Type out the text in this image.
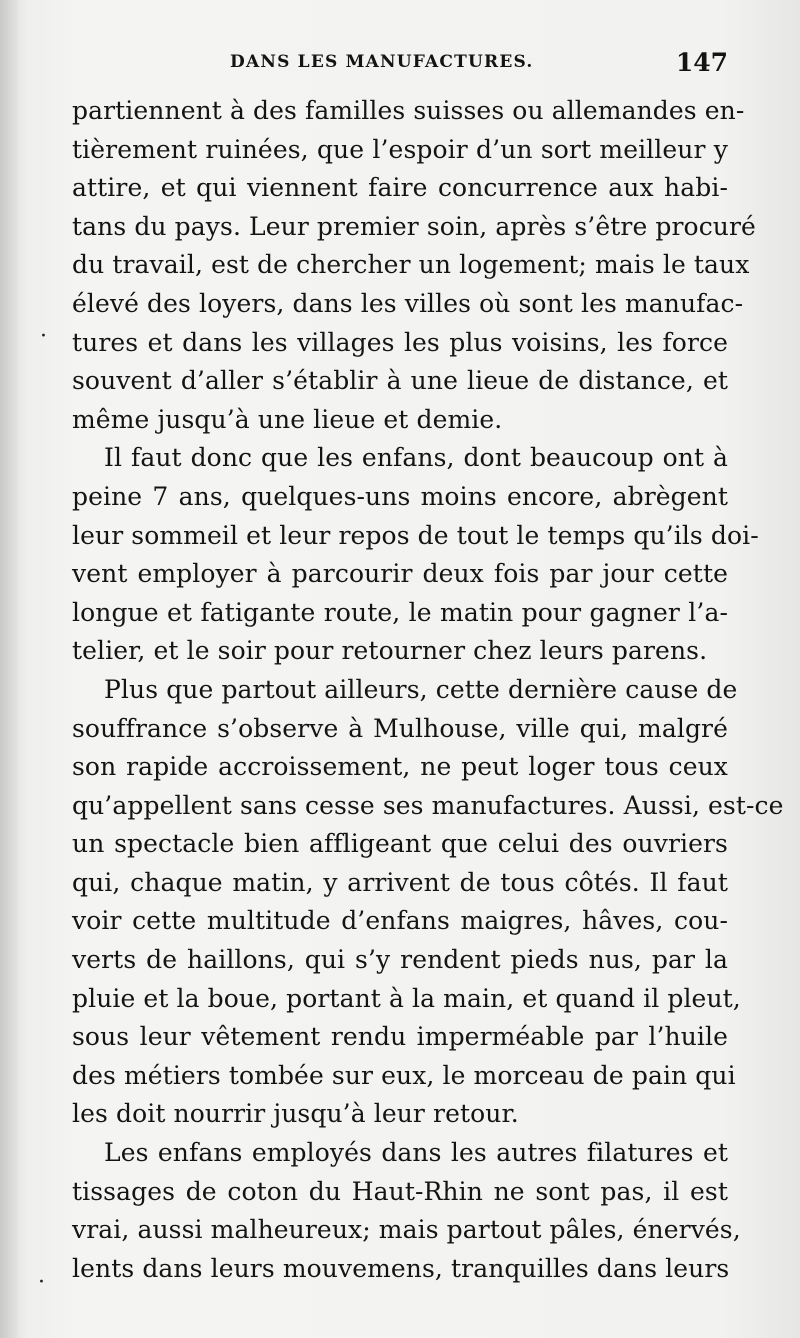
DANS LES MANUFACTURES.	147
partiennent à des familles suisses ou allemandes en-
tièrement ruinées, que l’espoir d’un sort meilleur y
attire, et qui viennent faire concurrence aux habi-
tans du pays. Leur premier soin, après s’être procuré
du travail, est de chercher un logement; mais le taux
élevé des loyers, dans les villes où sont les manufac-
tures et dans les villages les plus voisins, les force
souvent d’aller s’établir à une lieue de distance, et
même jusqu’à une lieue et demie.
Il faut donc que les enfans, dont beaucoup ont à
peine 7 ans, quelques-uns moins encore, abrègent
leur sommeil et leur repos de tout le temps qu’ils doi-
vent employer à parcourir deux fois par jour cette
longue et fatigante route, le matin pour gagner l’a-
telier, et le soir pour retourner chez leurs parens.
Plus que partout ailleurs, cette dernière cause de
souffrance s’observe à Mulhouse, ville qui, malgré
son rapide accroissement, ne peut loger tous ceux
qu’appellent sans cesse ses manufactures. Aussi, est-ce
un spectacle bien affligeant que celui des ouvriers
qui, chaque matin, y arrivent de tous côtés. Il faut
voir cette multitude d’enfans maigres, hâves, cou-
verts de haillons, qui s’y rendent pieds nus, par la
pluie et la boue, portant à la main, et quand il pleut,
sous leur vêtement rendu imperméable par l’huile
des métiers tombée sur eux, le morceau de pain qui
les doit nourrir jusqu’à leur retour.
Les enfans employés dans les autres filatures et
tissages de coton du Haut-Rhin ne sont pas, il est
vrai, aussi malheureux; mais partout pâles, énervés,
lents dans leurs mouvemens, tranquilles dans leurs
·
·
